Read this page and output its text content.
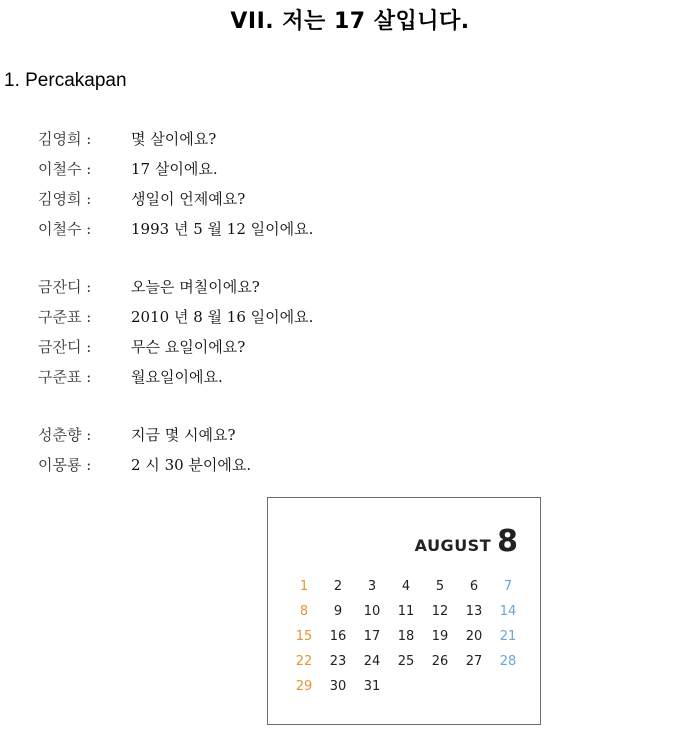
VII. 저는 17 살입니다.
1. Percakapan
김영희 :	몇 살이에요?
이철수 :	17 살이에요.
김영희 :	생일이 언제예요?
이철수 :	1993 년 5 월 12 일이에요.
금잔디 :	오늘은 며칠이에요?
구준표 :	2010 년 8 월 16 일이에요.
금잔디 :	무슨 요일이에요?
구준표 :	월요일이에요.
성춘향 :	지금 몇 시예요?
이몽룡 :	2 시 30 분이에요.
AUGUST 8
1	2	3	4	5	6	7
8	9	10	11	12	13	14
15	16	17	18	19	20	21
22	23	24	25	26	27	28
29	30	31
